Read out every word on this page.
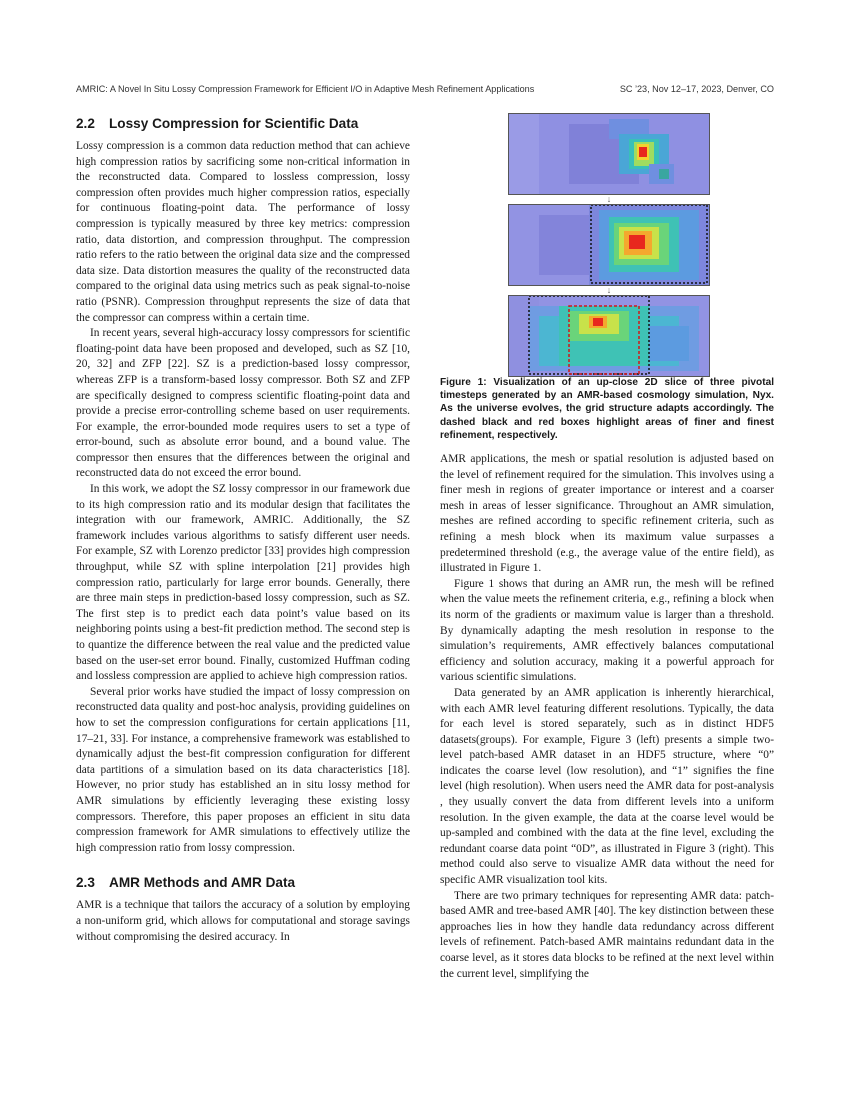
AMRIC: A Novel In Situ Lossy Compression Framework for Efficient I/O in Adaptive Mesh Refinement Applications	SC ’23, Nov 12–17, 2023, Denver, CO
2.2 Lossy Compression for Scientific Data

Lossy compression is a common data reduction method that can achieve high compression ratios by sacrificing some non-critical information in the reconstructed data. Compared to lossless compression, lossy compression often provides much higher compression ratios, especially for continuous floating-point data. The performance of lossy compression is typically measured by three key metrics: compression ratio, data distortion, and compression throughput. The compression ratio refers to the ratio between the original data size and the compressed data size. Data distortion measures the quality of the reconstructed data compared to the original data using metrics such as peak signal-to-noise ratio (PSNR). Compression throughput represents the size of data that the compressor can compress within a certain time.

In recent years, several high-accuracy lossy compressors for scientific floating-point data have been proposed and developed, such as SZ [10, 20, 32] and ZFP [22]. SZ is a prediction-based lossy compressor, whereas ZFP is a transform-based lossy compressor. Both SZ and ZFP are specifically designed to compress scientific floating-point data and provide a precise error-controlling scheme based on user requirements. For example, the error-bounded mode requires users to set a type of error-bound, such as absolute error bound, and a bound value. The compressor then ensures that the differences between the original and reconstructed data do not exceed the error bound.

In this work, we adopt the SZ lossy compressor in our framework due to its high compression ratio and its modular design that facilitates the integration with our framework, AMRIC. Additionally, the SZ framework includes various algorithms to satisfy different user needs. For example, SZ with Lorenzo predictor [33] provides high compression throughput, while SZ with spline interpolation [21] provides high compression ratio, particularly for large error bounds. Generally, there are three main steps in prediction-based lossy compression, such as SZ. The first step is to predict each data point’s value based on its neighboring points using a best-fit prediction method. The second step is to quantize the difference between the real value and the predicted value based on the user-set error bound. Finally, customized Huffman coding and lossless compression are applied to achieve high compression ratios.

Several prior works have studied the impact of lossy compression on reconstructed data quality and post-hoc analysis, providing guidelines on how to set the compression configurations for certain applications [11, 17–21, 33]. For instance, a comprehensive framework was established to dynamically adjust the best-fit compression configuration for different data partitions of a simulation based on its data characteristics [18]. However, no prior study has established an in situ lossy method for AMR simulations by efficiently leveraging these existing lossy compressors. Therefore, this paper proposes an efficient in situ data compression framework for AMR simulations to effectively utilize the high compression ratio from lossy compression.

2.3 AMR Methods and AMR Data

AMR is a technique that tailors the accuracy of a solution by employing a non-uniform grid, which allows for computational and storage savings without compromising the desired accuracy. In

↓
↓
Figure 1: Visualization of an up-close 2D slice of three pivotal timesteps generated by an AMR-based cosmology simulation, Nyx. As the universe evolves, the grid structure adapts accordingly. The dashed black and red boxes highlight areas of finer and finest refinement, respectively.

AMR applications, the mesh or spatial resolution is adjusted based on the level of refinement required for the simulation. This involves using a finer mesh in regions of greater importance or interest and a coarser mesh in areas of lesser significance. Throughout an AMR simulation, meshes are refined according to specific refinement criteria, such as refining a mesh block when its maximum value surpasses a predetermined threshold (e.g., the average value of the entire field), as illustrated in Figure 1.

Figure 1 shows that during an AMR run, the mesh will be refined when the value meets the refinement criteria, e.g., refining a block when its norm of the gradients or maximum value is larger than a threshold. By dynamically adapting the mesh resolution in response to the simulation’s requirements, AMR effectively balances computational efficiency and solution accuracy, making it a powerful approach for various scientific simulations.

Data generated by an AMR application is inherently hierarchical, with each AMR level featuring different resolutions. Typically, the data for each level is stored separately, such as in distinct HDF5 datasets(groups). For example, Figure 3 (left) presents a simple two-level patch-based AMR dataset in an HDF5 structure, where “0” indicates the coarse level (low resolution), and “1” signifies the fine level (high resolution). When users need the AMR data for post-analysis , they usually convert the data from different levels into a uniform resolution. In the given example, the data at the coarse level would be up-sampled and combined with the data at the fine level, excluding the redundant coarse data point “0D”, as illustrated in Figure 3 (right). This method could also serve to visualize AMR data without the need for specific AMR visualization tool kits.

There are two primary techniques for representing AMR data: patch-based AMR and tree-based AMR [40]. The key distinction between these approaches lies in how they handle data redundancy across different levels of refinement. Patch-based AMR maintains redundant data in the coarse level, as it stores data blocks to be refined at the next level within the current level, simplifying the
